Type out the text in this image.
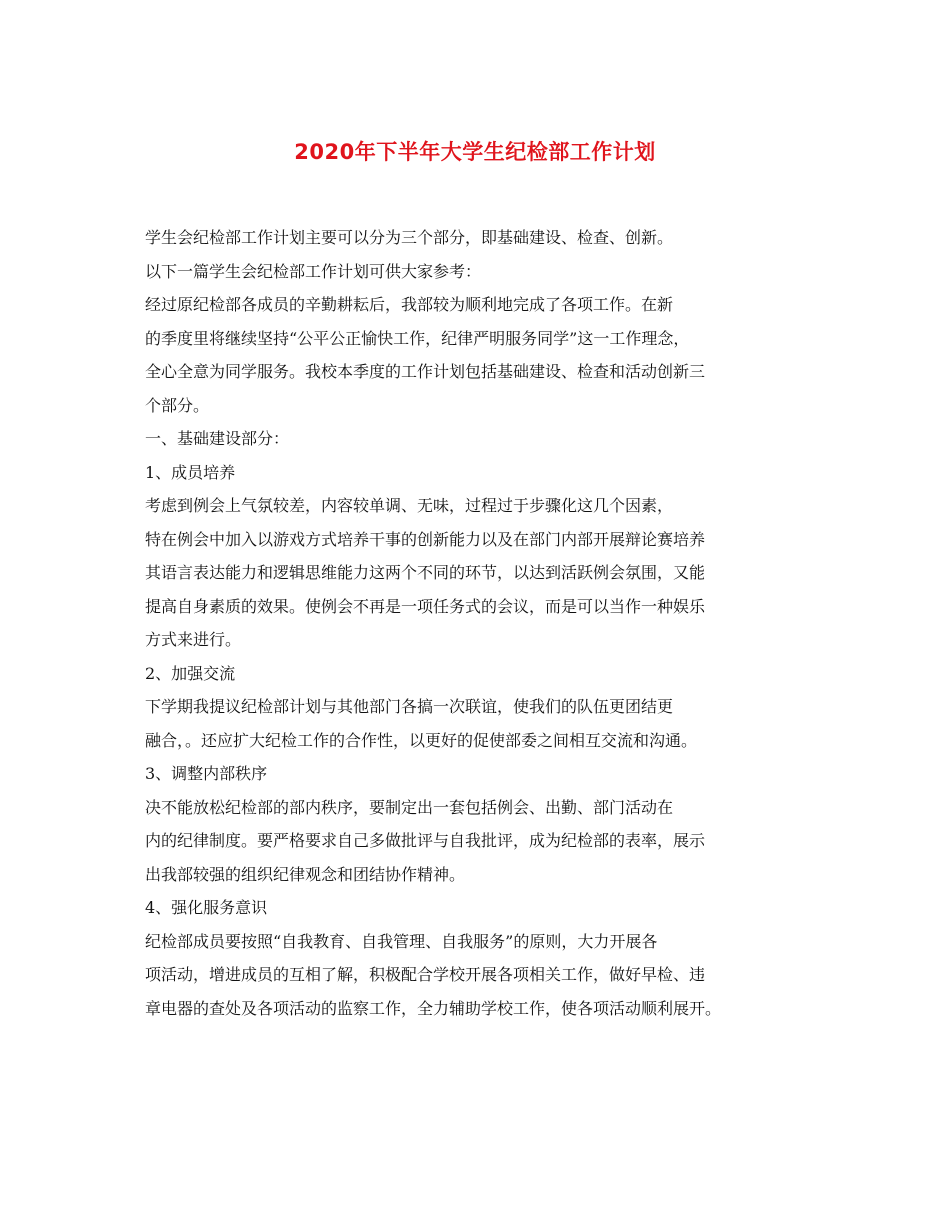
2020年下半年大学生纪检部工作计划

学生会纪检部工作计划主要可以分为三个部分，即基础建设、检查、创新。
以下一篇学生会纪检部工作计划可供大家参考：

经过原纪检部各成员的辛勤耕耘后，我部较为顺利地完成了各项工作。在新
的季度里将继续坚持“公平公正愉快工作，纪律严明服务同学”这一工作理念，
全心全意为同学服务。我校本季度的工作计划包括基础建设、检查和活动创新三
个部分。

一、基础建设部分：

1、成员培养

考虑到例会上气氛较差，内容较单调、无味，过程过于步骤化这几个因素，
特在例会中加入以游戏方式培养干事的创新能力以及在部门内部开展辩论赛培养
其语言表达能力和逻辑思维能力这两个不同的环节，以达到活跃例会氛围，又能
提高自身素质的效果。使例会不再是一项任务式的会议，而是可以当作一种娱乐
方式来进行。

2、加强交流

下学期我提议纪检部计划与其他部门各搞一次联谊，使我们的队伍更团结更
融合，。还应扩大纪检工作的合作性，以更好的促使部委之间相互交流和沟通。

3、调整内部秩序

决不能放松纪检部的部内秩序，要制定出一套包括例会、出勤、部门活动在
内的纪律制度。要严格要求自己多做批评与自我批评，成为纪检部的表率，展示
出我部较强的组织纪律观念和团结协作精神。

4、强化服务意识

纪检部成员要按照“自我教育、自我管理、自我服务”的原则，大力开展各
项活动，增进成员的互相了解，积极配合学校开展各项相关工作，做好早检、违
章电器的查处及各项活动的监察工作，全力辅助学校工作，使各项活动顺利展开。
